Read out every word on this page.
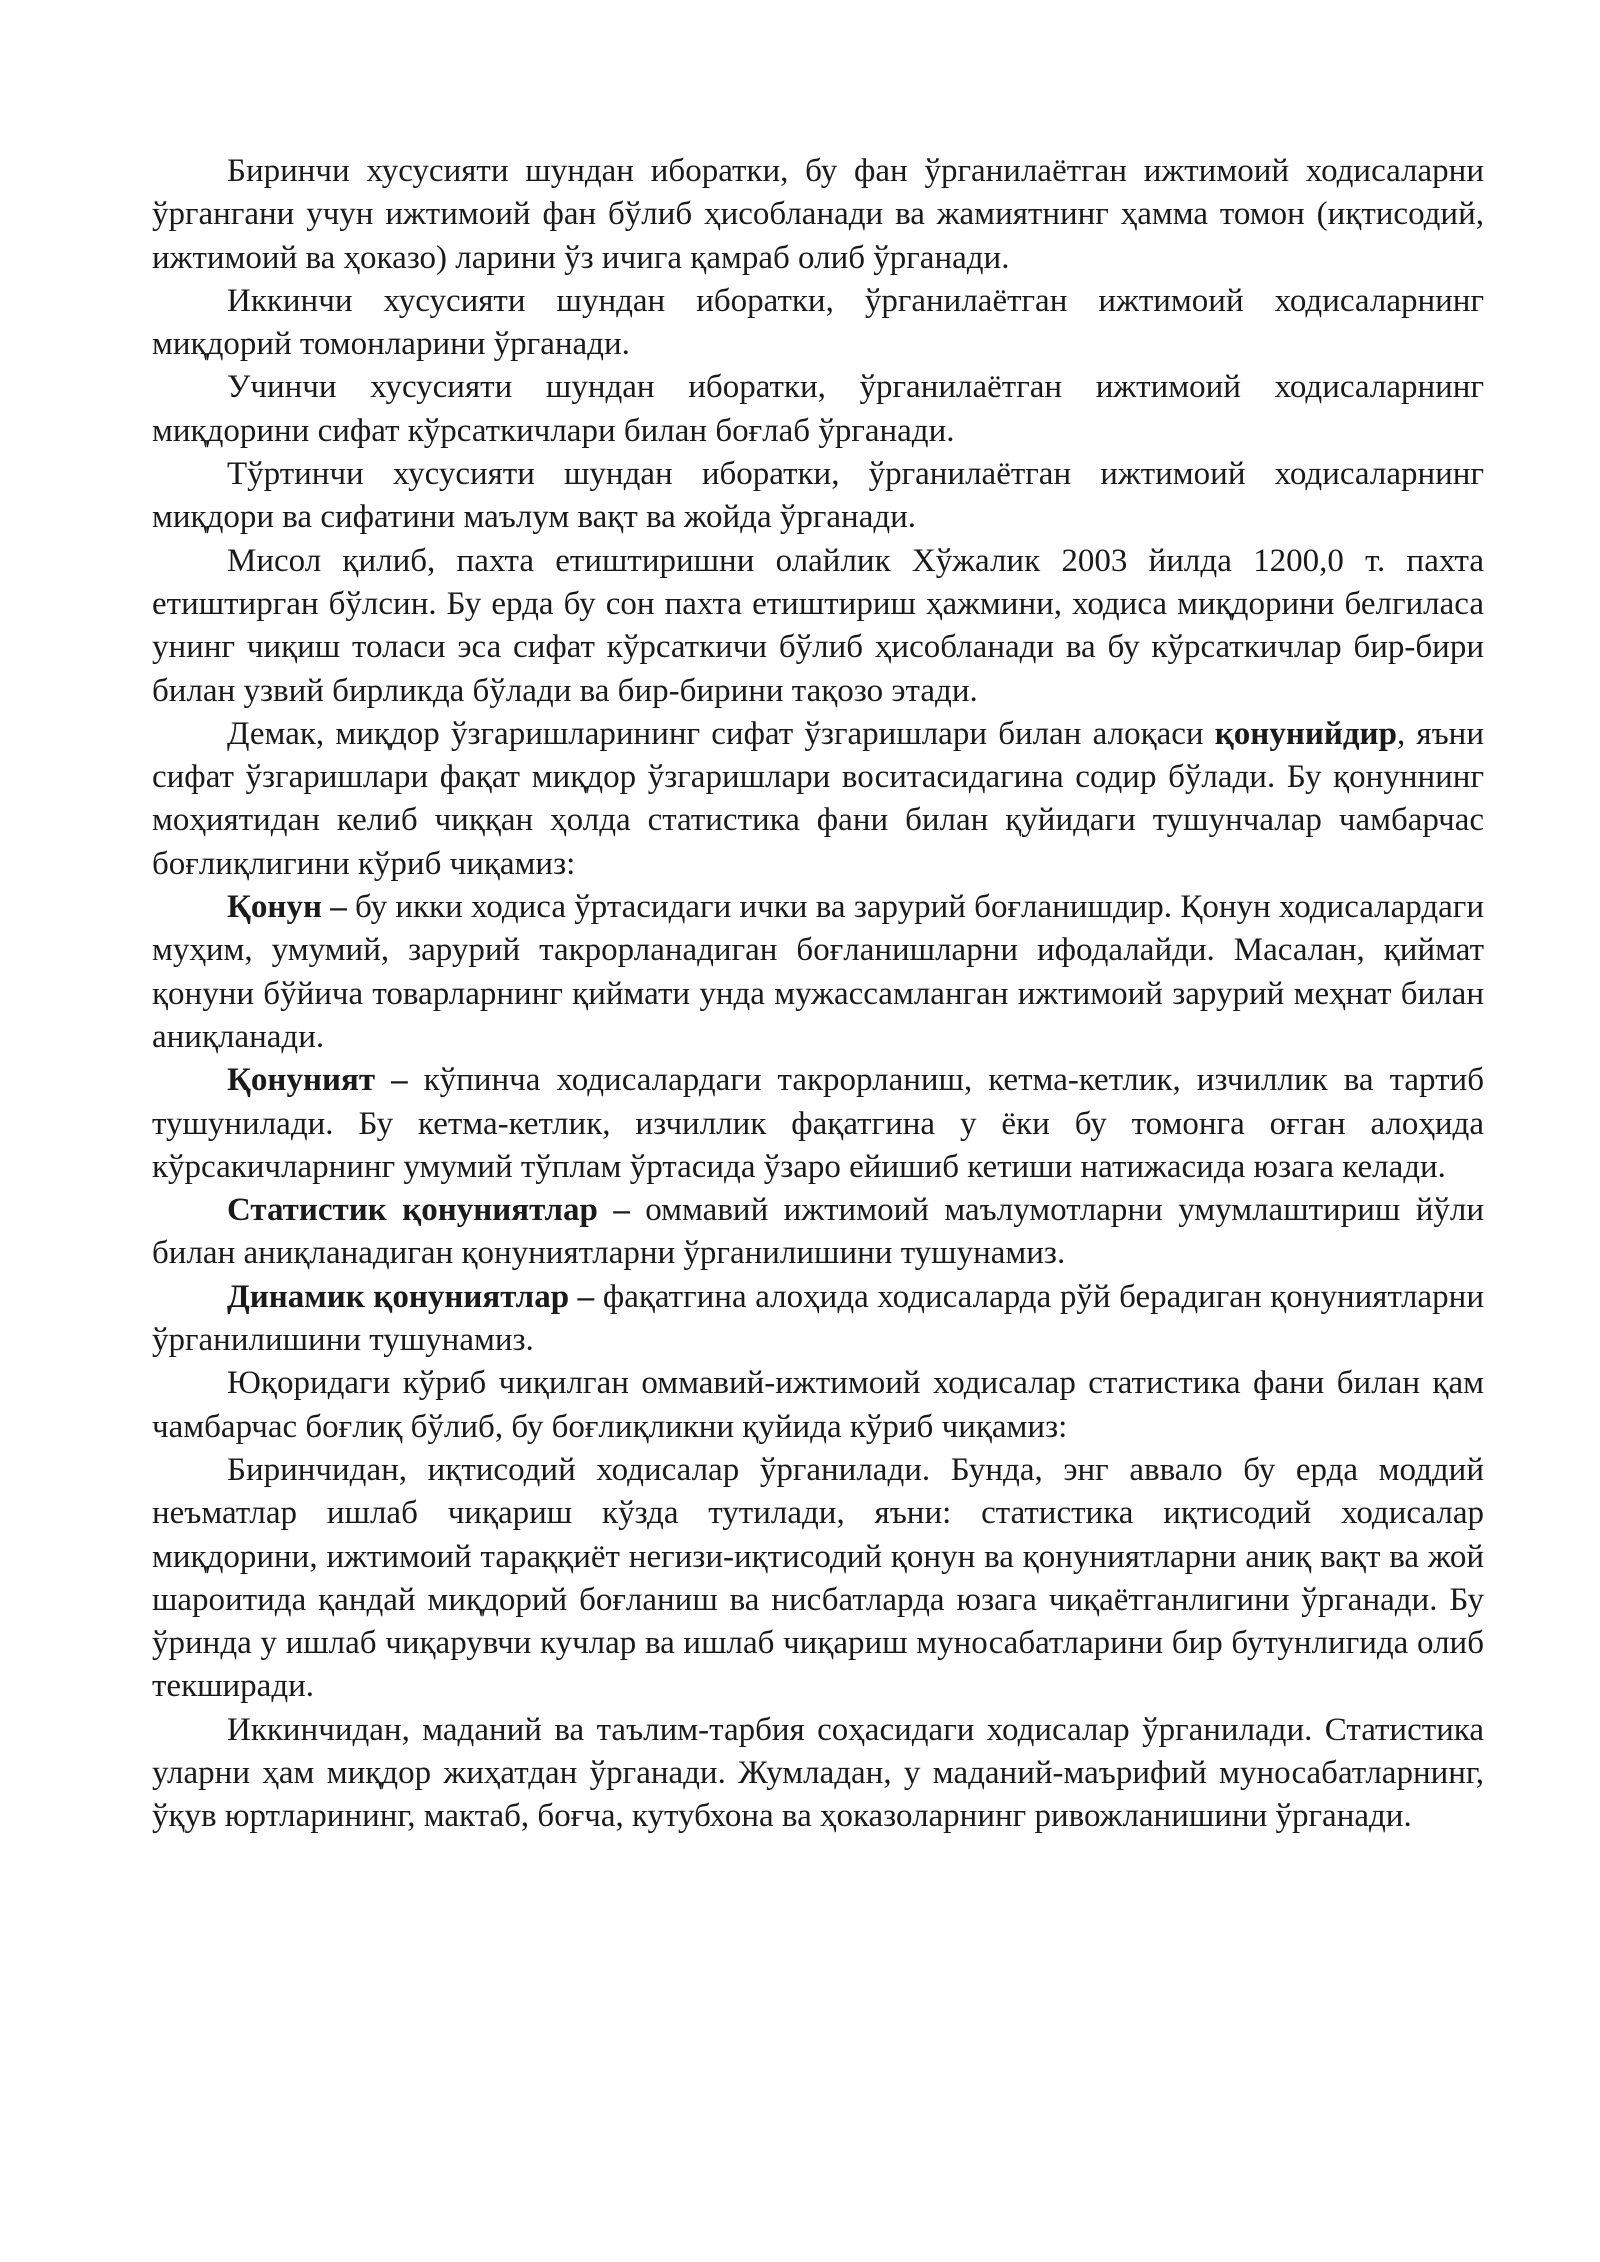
Биринчи хусусияти шундан иборатки, бу фан ўрганилаётган ижтимоий ходисаларни ўргангани учун ижтимоий фан бўлиб ҳисобланади ва жамиятнинг ҳамма томон (иқтисодий, ижтимоий ва ҳоказо) ларини ўз ичига қамраб олиб ўрганади.

Иккинчи хусусияти шундан иборатки, ўрганилаётган ижтимоий ходисаларнинг миқдорий томонларини ўрганади.

Учинчи хусусияти шундан иборатки, ўрганилаётган ижтимоий ходисаларнинг миқдорини сифат кўрсаткичлари билан боғлаб ўрганади.

Тўртинчи хусусияти шундан иборатки, ўрганилаётган ижтимоий ходисаларнинг миқдори ва сифатини маълум вақт ва жойда ўрганади.

Мисол қилиб, пахта етиштиришни олайлик Хўжалик 2003 йилда 1200,0 т. пахта етиштирган бўлсин. Бу ерда бу сон пахта етиштириш ҳажмини, ходиса миқдорини белгиласа унинг чиқиш толаси эса сифат кўрсаткичи бўлиб ҳисобланади ва бу кўрсаткичлар бир-бири билан узвий бирликда бўлади ва бир-бирини тақозо этади.

Демак, миқдор ўзгаришларининг сифат ўзгаришлари билан алоқаси қонунийдир, яъни сифат ўзгаришлари фақат миқдор ўзгаришлари воситасидагина содир бўлади. Бу қонуннинг моҳиятидан келиб чиққан ҳолда статистика фани билан қуйидаги тушунчалар чамбарчас боғлиқлигини кўриб чиқамиз:

Қонун – бу икки ходиса ўртасидаги ички ва зарурий боғланишдир. Қонун ходисалардаги муҳим, умумий, зарурий такрорланадиган боғланишларни ифодалайди. Масалан, қиймат қонуни бўйича товарларнинг қиймати унда мужассамланган ижтимоий зарурий меҳнат билан аниқланади.

Қонуният – кўпинча ходисалардаги такрорланиш, кетма-кетлик, изчиллик ва тартиб тушунилади. Бу кетма-кетлик, изчиллик фақатгина у ёки бу томонга оғган алоҳида кўрсакичларнинг умумий тўплам ўртасида ўзаро ейишиб кетиши натижасида юзага келади.

Статистик қонуниятлар – оммавий ижтимоий маълумотларни умумлаштириш йўли билан аниқланадиган қонуниятларни ўрганилишини тушунамиз.

Динамик қонуниятлар – фақатгина алоҳида ходисаларда рўй берадиган қонуниятларни ўрганилишини тушунамиз.

Юқоридаги кўриб чиқилган оммавий-ижтимоий ходисалар статистика фани билан қам чамбарчас боғлиқ бўлиб, бу боғлиқликни қуйида кўриб чиқамиз:

Биринчидан, иқтисодий ходисалар ўрганилади. Бунда, энг аввало бу ерда моддий неъматлар ишлаб чиқариш кўзда тутилади, яъни: статистика иқтисодий ходисалар миқдорини, ижтимоий тараққиёт негизи-иқтисодий қонун ва қонуниятларни аниқ вақт ва жой шароитида қандай миқдорий боғланиш ва нисбатларда юзага чиқаётганлигини ўрганади. Бу ўринда у ишлаб чиқарувчи кучлар ва ишлаб чиқариш муносабатларини бир бутунлигида олиб текширади.

Иккинчидан, маданий ва таълим-тарбия соҳасидаги ходисалар ўрганилади. Статистика уларни ҳам миқдор жиҳатдан ўрганади. Жумладан, у маданий-маърифий муносабатларнинг, ўқув юртларининг, мактаб, боғча, кутубхона ва ҳоказоларнинг ривожланишини ўрганади.
